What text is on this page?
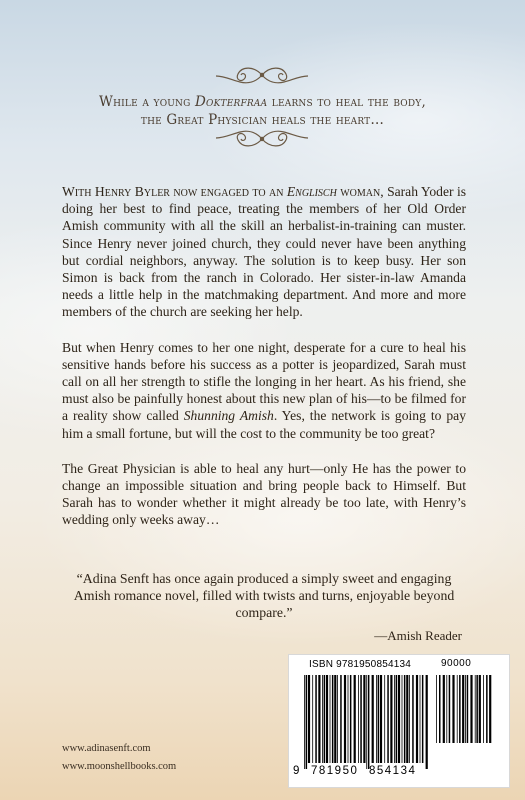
While a young Dokterfraa learns to heal the body,

the Great Physician heals the heart…

With Henry Byler now engaged to an Englisch woman, Sarah Yoder is doing her best to find peace, treating the members of her Old Order Amish community with all the skill an herbalist-in-training can muster. Since Henry never joined church, they could never have been anything but cordial neighbors, anyway. The solution is to keep busy. Her son Simon is back from the ranch in Colorado. Her sister-in-law Amanda needs a little help in the matchmaking department. And more and more members of the church are seeking her help.

But when Henry comes to her one night, desperate for a cure to heal his sensitive hands before his success as a potter is jeopardized, Sarah must call on all her strength to stifle the longing in her heart. As his friend, she must also be painfully honest about this new plan of his—to be filmed for a reality show called Shunning Amish. Yes, the network is going to pay him a small fortune, but will the cost to the community be too great?

The Great Physician is able to heal any hurt—only He has the power to change an impossible situation and bring people back to Himself. But Sarah has to wonder whether it might already be too late, with Henry’s wedding only weeks away…

“Adina Senft has once again produced a simply sweet and engaging Amish romance novel, filled with twists and turns, enjoyable beyond compare.”

—Amish Reader
www.adinasenft.com
www.moonshellbooks.com
ISBN 9781950854134	90000
9 781950 854134
